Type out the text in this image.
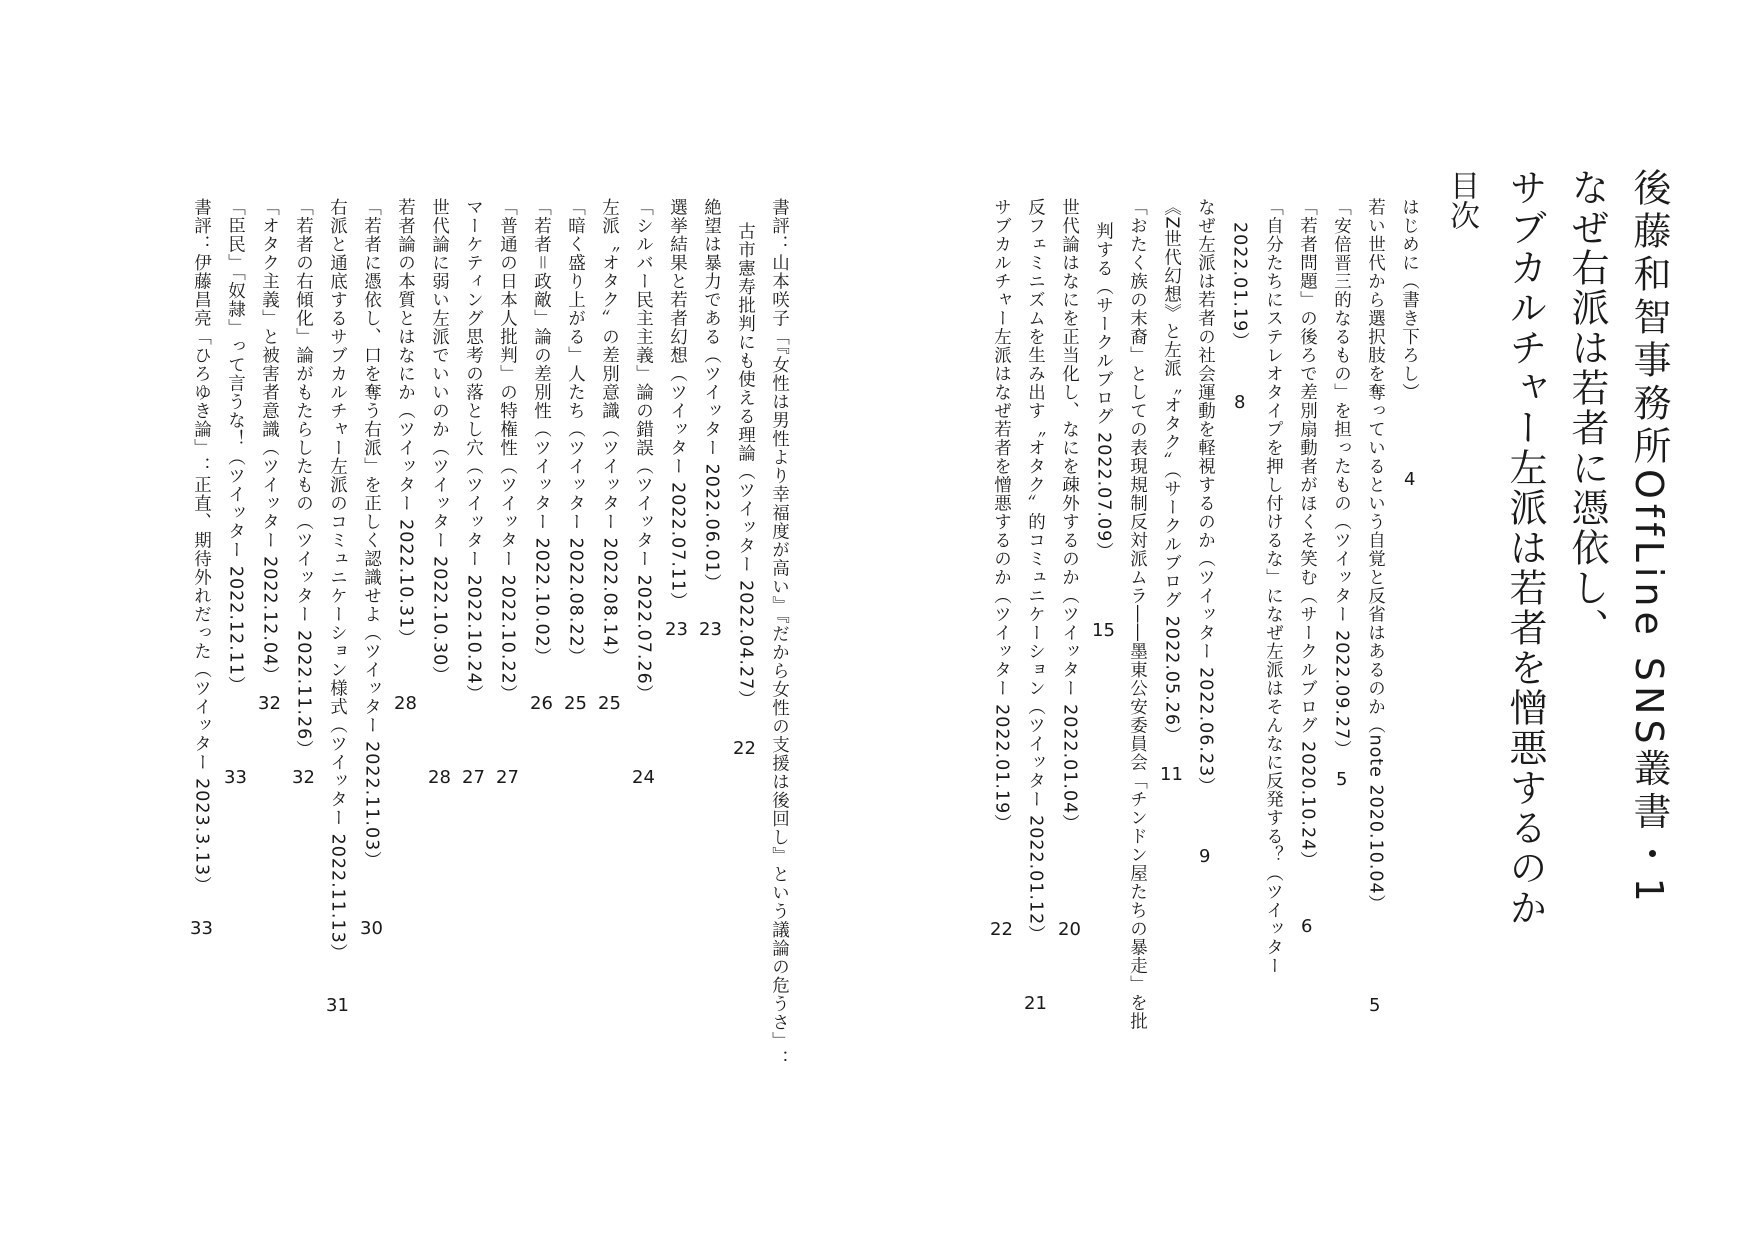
後藤和智事務所OffLine SNS叢書・1
なぜ右派は若者に憑依し、
サブカルチャー左派は若者を憎悪するのか
目次
はじめに（書き下ろし）
4
若い世代から選択肢を奪っているという自覚と反省はあるのか（note 2020.10.04）
5
「安倍晋三的なるもの」を担ったもの（ツイッター 2022.09.27）
5
「若者問題」の後ろで差別扇動者がほくそ笑む（サークルブログ 2020.10.24）
6
「自分たちにステレオタイプを押し付けるな」になぜ左派はそんなに反発する？（ツイッター
2022.01.19）
8
なぜ左派は若者の社会運動を軽視するのか（ツイッター 2022.06.23）
9
《Z世代幻想》と左派〝オタク〟（サークルブログ 2022.05.26）
11
「おたく族の末裔」としての表現規制反対派ムラ――墨東公安委員会「チンドン屋たちの暴走」を批
判する（サークルブログ 2022.07.09）
15
世代論はなにを正当化し、なにを疎外するのか（ツイッター 2022.01.04）
20
反フェミニズムを生み出す〝オタク〟的コミュニケーション（ツイッター 2022.01.12）
21
サブカルチャー左派はなぜ若者を憎悪するのか（ツイッター 2022.01.19）
22
書評：山本咲子「『女性は男性より幸福度が高い』『だから女性の支援は後回し』という議論の危うさ」：
古市憲寿批判にも使える理論（ツイッター 2022.04.27）
22
絶望は暴力である（ツイッター 2022.06.01）
23
選挙結果と若者幻想（ツイッター 2022.07.11）
23
「シルバー民主主義」論の錯誤（ツイッター 2022.07.26）
24
左派〝オタク〟の差別意識（ツイッター 2022.08.14）
25
「暗く盛り上がる」人たち（ツイッター 2022.08.22）
25
「若者＝政敵」論の差別性（ツイッター 2022.10.02）
26
「普通の日本人批判」の特権性（ツイッター 2022.10.22）
27
マーケティング思考の落とし穴（ツイッター 2022.10.24）
27
世代論に弱い左派でいいのか（ツイッター 2022.10.30）
28
若者論の本質とはなにか（ツイッター 2022.10.31）
28
「若者に憑依し、口を奪う右派」を正しく認識せよ（ツイッター 2022.11.03）
30
右派と通底するサブカルチャー左派のコミュニケーション様式（ツイッター 2022.11.13）
31
「若者の右傾化」論がもたらしたもの（ツイッター 2022.11.26）
32
「オタク主義」と被害者意識（ツイッター 2022.12.04）
32
「臣民」「奴隷」って言うな！（ツイッター 2022.12.11）
33
書評：伊藤昌亮「ひろゆき論」：正直、期待外れだった（ツイッター 2023.3.13）
33
